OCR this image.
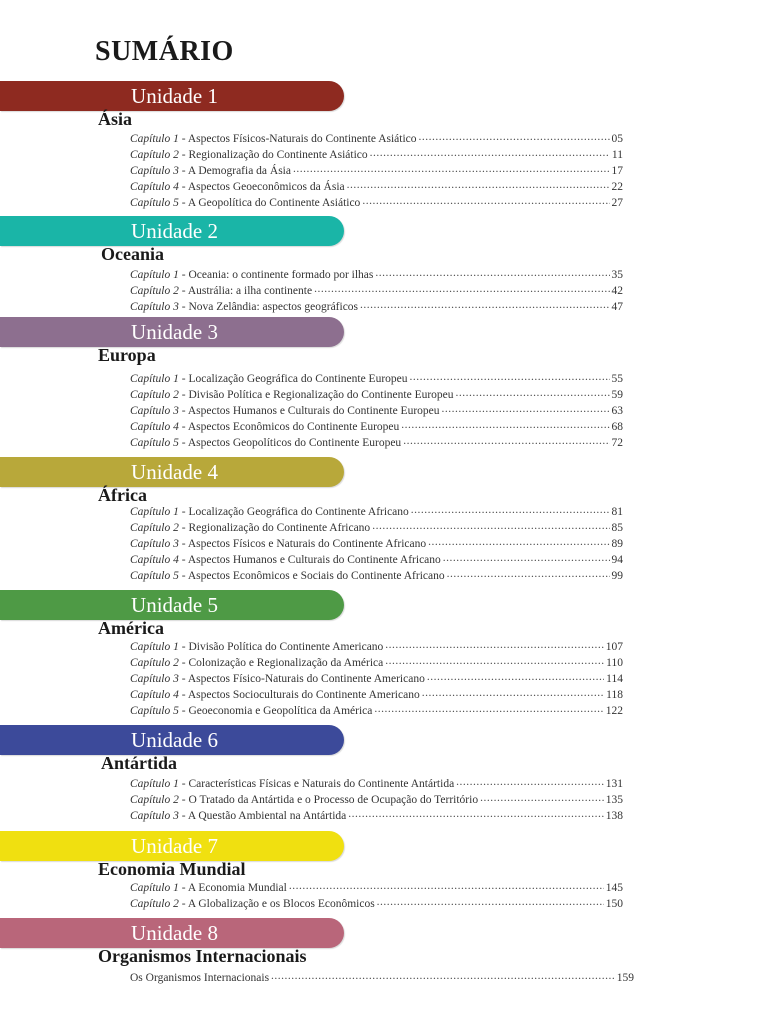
SUMÁRIO
Unidade 1
Ásia
Capítulo 1 - Aspectos Físicos-Naturais do Continente Asiático .....	05
Capítulo 2 - Regionalização do Continente Asiático .....	11
Capítulo 3 - A Demografia da Ásia .....	17
Capítulo 4 - Aspectos Geoeconômicos da Ásia .....	22
Capítulo 5 - A Geopolítica do Continente Asiático .....	27
Unidade 2
Oceania
Capítulo 1 - Oceania: o continente formado por ilhas .....	35
Capítulo 2 - Austrália: a ilha continente .....	42
Capítulo 3 - Nova Zelândia: aspectos geográficos .....	47
Unidade 3
Europa
Capítulo 1 - Localização Geográfica do Continente Europeu .....	55
Capítulo 2 - Divisão Política e Regionalização do Continente Europeu .....	59
Capítulo 3 - Aspectos Humanos e Culturais do Continente Europeu .....	63
Capítulo 4 - Aspectos Econômicos do Continente Europeu .....	68
Capítulo 5 - Aspectos Geopolíticos do Continente Europeu .....	72
Unidade 4
África
Capítulo 1 - Localização Geográfica do Continente Africano .....	81
Capítulo 2 - Regionalização do Continente Africano .....	85
Capítulo 3 - Aspectos Físicos e Naturais do Continente Africano .....	89
Capítulo 4 - Aspectos Humanos e Culturais do Continente Africano .....	94
Capítulo 5 - Aspectos Econômicos e Sociais do Continente Africano .....	99
Unidade 5
América
Capítulo 1 - Divisão Política do Continente Americano .....	107
Capítulo 2 - Colonização e Regionalização da América .....	110
Capítulo 3 - Aspectos Físico-Naturais do Continente Americano .....	114
Capítulo 4 - Aspectos Socioculturais do Continente Americano .....	118
Capítulo 5 - Geoeconomia e Geopolítica da América .....	122
Unidade 6
Antártida
Capítulo 1 - Características Físicas e Naturais do Continente Antártida .....	131
Capítulo 2 - O Tratado da Antártida e o Processo de Ocupação do Território .....	135
Capítulo 3 - A Questão Ambiental na Antártida .....	138
Unidade 7
Economia Mundial
Capítulo 1 - A Economia Mundial .....	145
Capítulo 2 - A Globalização e os Blocos Econômicos .....	150
Unidade 8
Organismos Internacionais
Os Organismos Internacionais .....	159
